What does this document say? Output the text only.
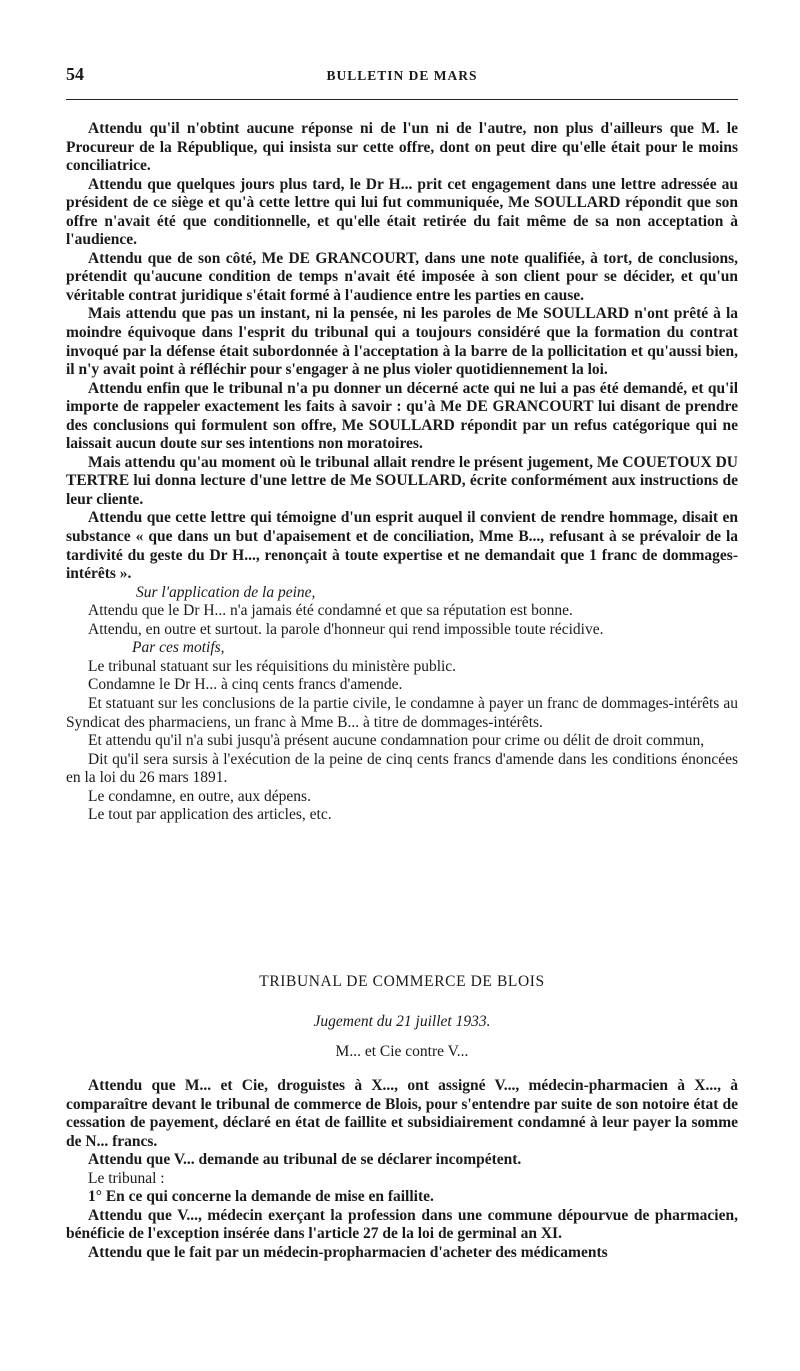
54	BULLETIN DE MARS

Attendu qu'il n'obtint aucune réponse ni de l'un ni de l'autre, non plus d'ailleurs que M. le Procureur de la République, qui insista sur cette offre, dont on peut dire qu'elle était pour le moins conciliatrice.

Attendu que quelques jours plus tard, le Dr H... prit cet engagement dans une lettre adressée au président de ce siège et qu'à cette lettre qui lui fut communiquée, Me SOULLARD répondit que son offre n'avait été que conditionnelle, et qu'elle était retirée du fait même de sa non acceptation à l'audience.

Attendu que de son côté, Me DE GRANCOURT, dans une note qualifiée, à tort, de conclusions, prétendit qu'aucune condition de temps n'avait été imposée à son client pour se décider, et qu'un véritable contrat juridique s'était formé à l'audience entre les parties en cause.

Mais attendu que pas un instant, ni la pensée, ni les paroles de Me SOULLARD n'ont prêté à la moindre équivoque dans l'esprit du tribunal qui a toujours considéré que la formation du contrat invoqué par la défense était subordonnée à l'acceptation à la barre de la pollicitation et qu'aussi bien, il n'y avait point à réfléchir pour s'engager à ne plus violer quotidiennement la loi.

Attendu enfin que le tribunal n'a pu donner un décerné acte qui ne lui a pas été demandé, et qu'il importe de rappeler exactement les faits à savoir : qu'à Me DE GRANCOURT lui disant de prendre des conclusions qui formulent son offre, Me SOULLARD répondit par un refus catégorique qui ne laissait aucun doute sur ses intentions non moratoires.

Mais attendu qu'au moment où le tribunal allait rendre le présent jugement, Me COUETOUX DU TERTRE lui donna lecture d'une lettre de Me SOULLARD, écrite conformément aux instructions de leur cliente.

Attendu que cette lettre qui témoigne d'un esprit auquel il convient de rendre hommage, disait en substance « que dans un but d'apaisement et de conciliation, Mme B..., refusant à se prévaloir de la tardivité du geste du Dr H..., renonçait à toute expertise et ne demandait que 1 franc de dommages-intérêts ».

Sur l'application de la peine,

Attendu que le Dr H... n'a jamais été condamné et que sa réputation est bonne.

Attendu, en outre et surtout. la parole d'honneur qui rend impossible toute récidive.

Par ces motifs,

Le tribunal statuant sur les réquisitions du ministère public.

Condamne le Dr H... à cinq cents francs d'amende.

Et statuant sur les conclusions de la partie civile, le condamne à payer un franc de dommages-intérêts au Syndicat des pharmaciens, un franc à Mme B... à titre de dommages-intérêts.

Et attendu qu'il n'a subi jusqu'à présent aucune condamnation pour crime ou délit de droit commun,

Dit qu'il sera sursis à l'exécution de la peine de cinq cents francs d'amende dans les conditions énoncées en la loi du 26 mars 1891.

Le condamne, en outre, aux dépens.

Le tout par application des articles, etc.

TRIBUNAL DE COMMERCE DE BLOIS
Jugement du 21 juillet 1933.
M... et Cie contre V...

Attendu que M... et Cie, droguistes à X..., ont assigné V..., médecin-pharmacien à X..., à comparaître devant le tribunal de commerce de Blois, pour s'entendre par suite de son notoire état de cessation de payement, déclaré en état de faillite et subsidiairement condamné à leur payer la somme de N... francs.

Attendu que V... demande au tribunal de se déclarer incompétent.

Le tribunal :

1° En ce qui concerne la demande de mise en faillite.

Attendu que V..., médecin exerçant la profession dans une commune dépourvue de pharmacien, bénéficie de l'exception insérée dans l'article 27 de la loi de germinal an XI.

Attendu que le fait par un médecin-propharmacien d'acheter des médicaments
